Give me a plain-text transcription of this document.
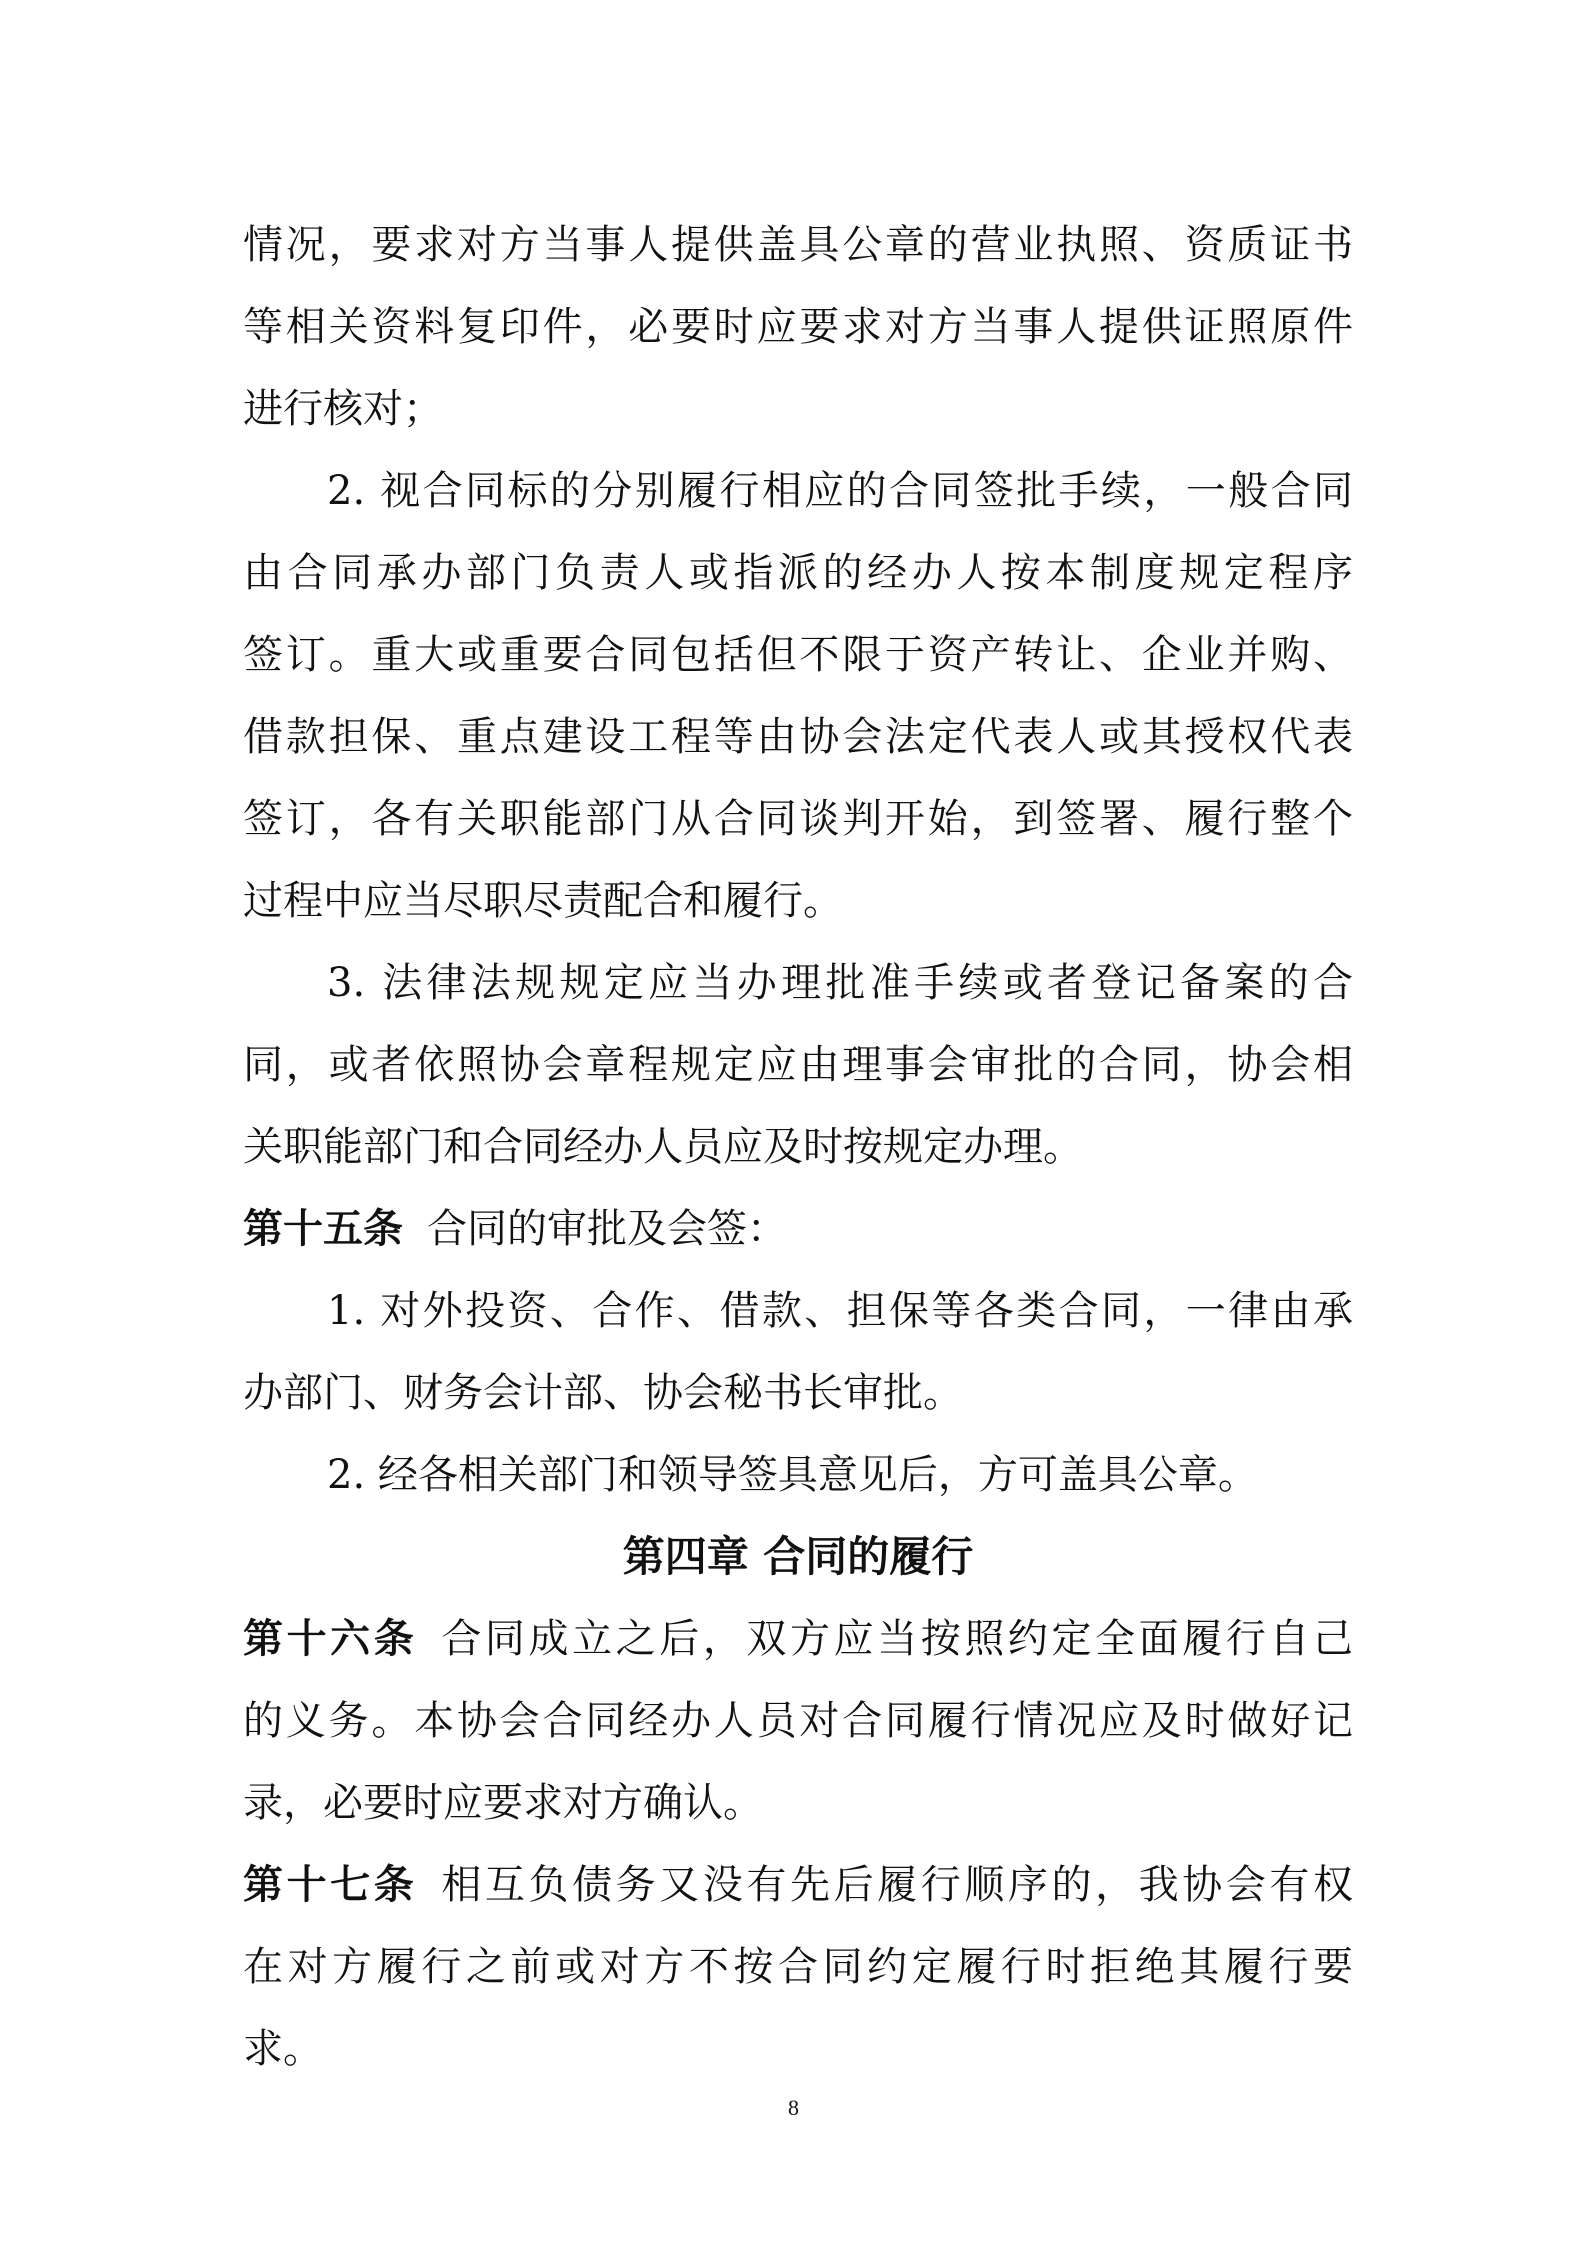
情况，要求对方当事人提供盖具公章的营业执照、资质证书
等相关资料复印件，必要时应要求对方当事人提供证照原件
进行核对；
2. 视合同标的分别履行相应的合同签批手续，一般合同
由合同承办部门负责人或指派的经办人按本制度规定程序
签订。重大或重要合同包括但不限于资产转让、企业并购、
借款担保、重点建设工程等由协会法定代表人或其授权代表
签订，各有关职能部门从合同谈判开始，到签署、履行整个
过程中应当尽职尽责配合和履行。
3. 法律法规规定应当办理批准手续或者登记备案的合
同，或者依照协会章程规定应由理事会审批的合同，协会相
关职能部门和合同经办人员应及时按规定办理。
第十五条 合同的审批及会签：
1. 对外投资、合作、借款、担保等各类合同，一律由承
办部门、财务会计部、协会秘书长审批。
2. 经各相关部门和领导签具意见后，方可盖具公章。
第四章 合同的履行
第十六条 合同成立之后，双方应当按照约定全面履行自己
的义务。本协会合同经办人员对合同履行情况应及时做好记
录，必要时应要求对方确认。
第十七条 相互负债务又没有先后履行顺序的，我协会有权
在对方履行之前或对方不按合同约定履行时拒绝其履行要
求。
8
